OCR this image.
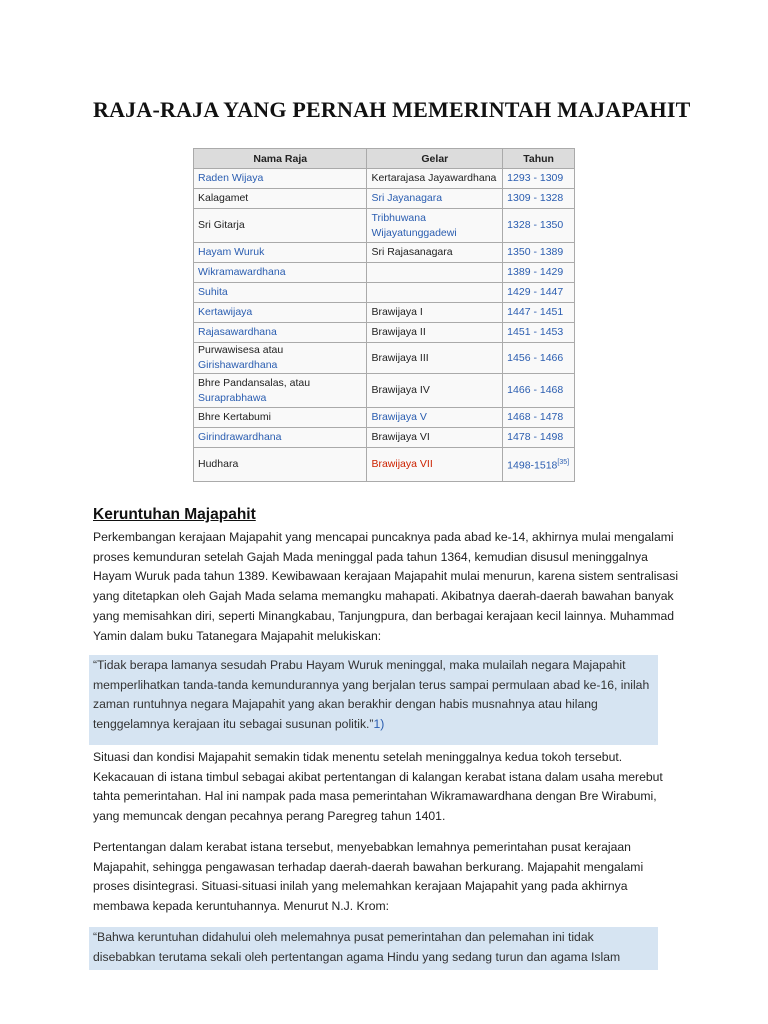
RAJA-RAJA YANG PERNAH MEMERINTAH MAJAPAHIT
Nama Raja	Gelar	Tahun
Raden Wijaya	Kertarajasa Jayawardhana	1293 - 1309
Kalagamet	Sri Jayanagara	1309 - 1328
Sri Gitarja	Tribhuwana Wijayatunggadewi	1328 - 1350
Hayam Wuruk	Sri Rajasanagara	1350 - 1389
Wikramawardhana		1389 - 1429
Suhita		1429 - 1447
Kertawijaya	Brawijaya I	1447 - 1451
Rajasawardhana	Brawijaya II	1451 - 1453
Purwawisesa atau Girishawardhana	Brawijaya III	1456 - 1466
Bhre Pandansalas, atau Suraprabhawa	Brawijaya IV	1466 - 1468
Bhre Kertabumi	Brawijaya V	1468 - 1478
Girindrawardhana	Brawijaya VI	1478 - 1498
Hudhara	Brawijaya VII	1498-1518[35]
Keruntuhan Majapahit

Perkembangan kerajaan Majapahit yang mencapai puncaknya pada abad ke-14, akhirnya mulai mengalami proses kemunduran setelah Gajah Mada meninggal pada tahun 1364, kemudian disusul meninggalnya Hayam Wuruk pada tahun 1389. Kewibawaan kerajaan Majapahit mulai menurun, karena sistem sentralisasi yang ditetapkan oleh Gajah Mada selama memangku mahapati. Akibatnya daerah-daerah bawahan banyak yang memisahkan diri, seperti Minangkabau, Tanjungpura, dan berbagai kerajaan kecil lainnya. Muhammad Yamin dalam buku Tatanegara Majapahit melukiskan:

“Tidak berapa lamanya sesudah Prabu Hayam Wuruk meninggal, maka mulailah negara Majapahit memperlihatkan tanda-tanda kemundurannya yang berjalan terus sampai permulaan abad ke-16, inilah zaman runtuhnya negara Majapahit yang akan berakhir dengan habis musnahnya atau hilang tenggelamnya kerajaan itu sebagai susunan politik.”1)

Situasi dan kondisi Majapahit semakin tidak menentu setelah meninggalnya kedua tokoh tersebut. Kekacauan di istana timbul sebagai akibat pertentangan di kalangan kerabat istana dalam usaha merebut tahta pemerintahan. Hal ini nampak pada masa pemerintahan Wikramawardhana dengan Bre Wirabumi, yang memuncak dengan pecahnya perang Paregreg tahun 1401.

Pertentangan dalam kerabat istana tersebut, menyebabkan lemahnya pemerintahan pusat kerajaan Majapahit, sehingga pengawasan terhadap daerah-daerah bawahan berkurang. Majapahit mengalami proses disintegrasi. Situasi-situasi inilah yang melemahkan kerajaan Majapahit yang pada akhirnya membawa kepada keruntuhannya. Menurut N.J. Krom:

“Bahwa keruntuhan didahului oleh melemahnya pusat pemerintahan dan pelemahan ini tidak disebabkan terutama sekali oleh pertentangan agama Hindu yang sedang turun dan agama Islam
